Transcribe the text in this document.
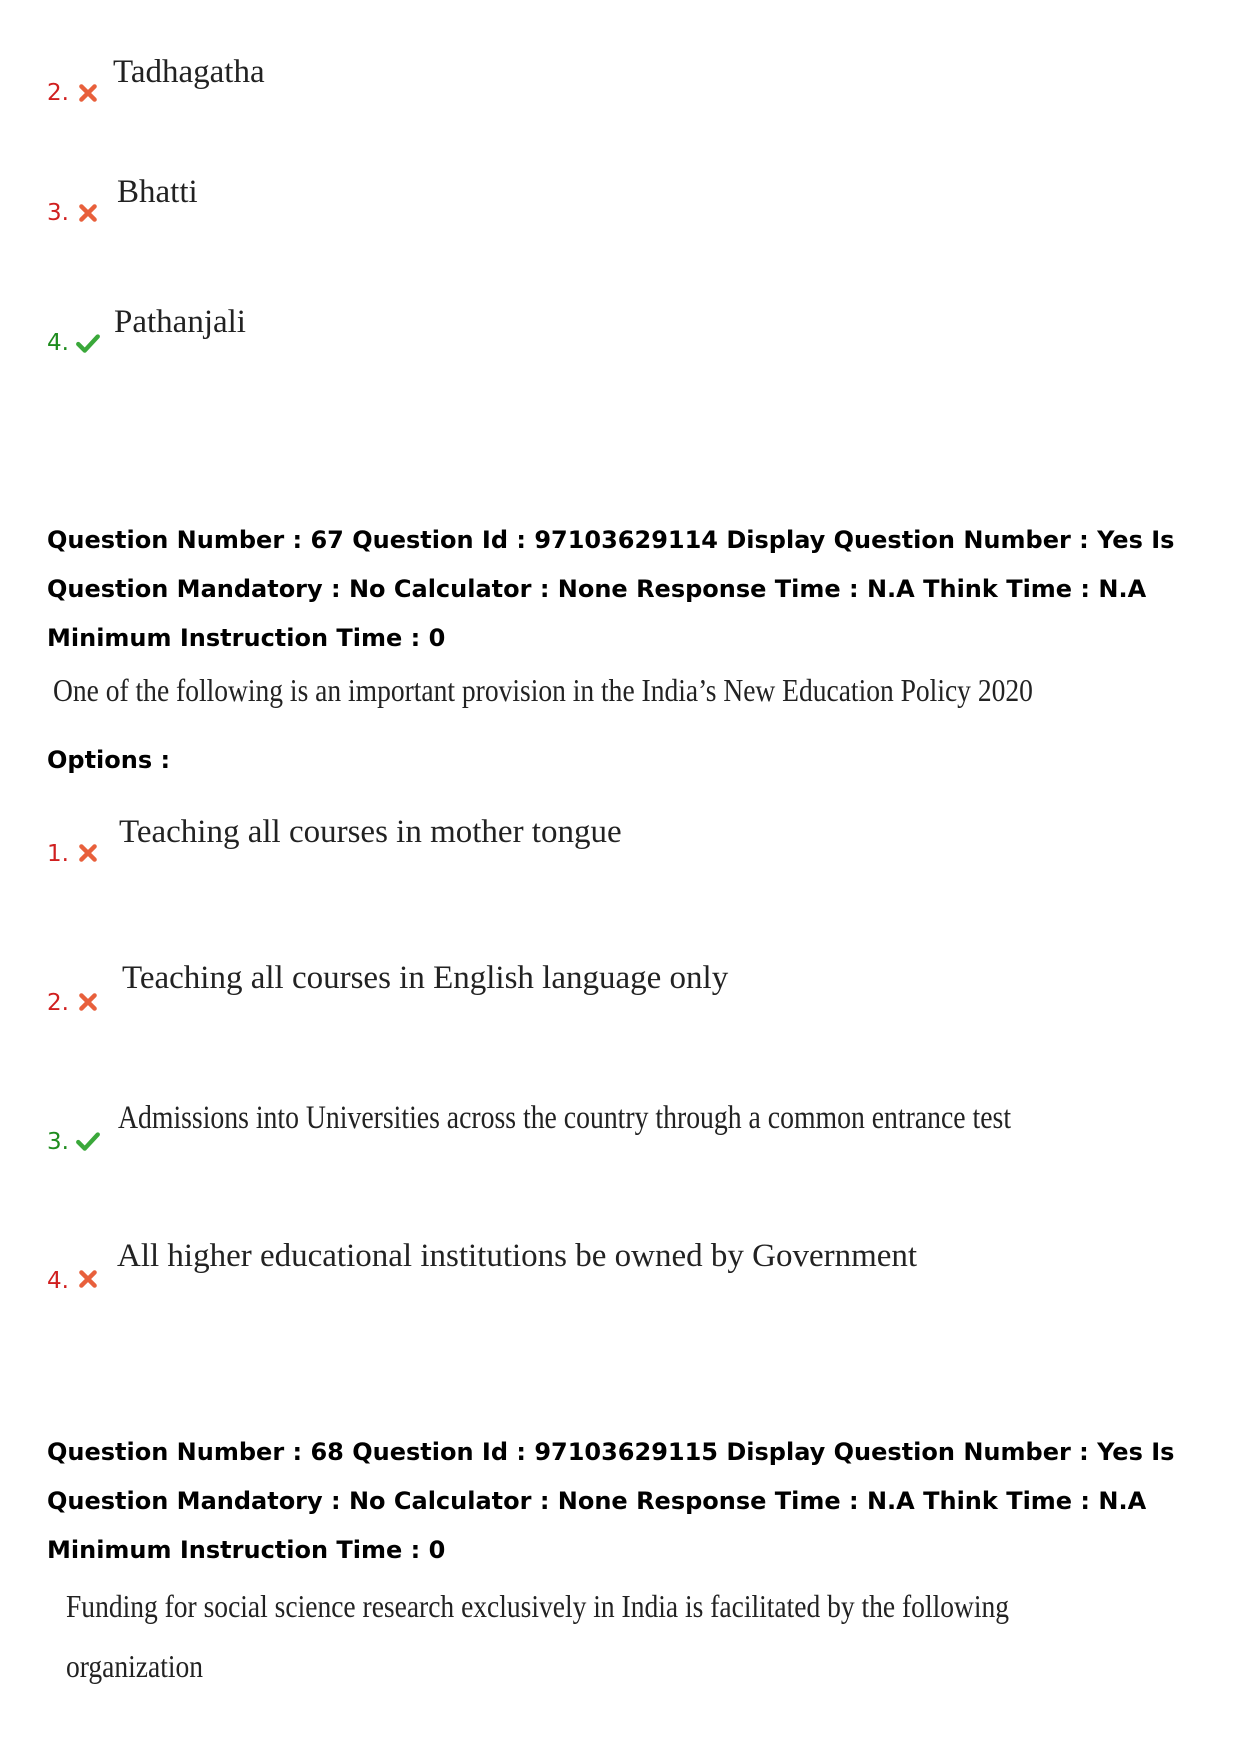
2.
Tadhagatha
3.
Bhatti
4.
Pathanjali
Question Number : 67 Question Id : 97103629114 Display Question Number : Yes Is Question Mandatory : No Calculator : None Response Time : N.A Think Time : N.A Minimum Instruction Time : 0
One of the following is an important provision in the India’s New Education Policy 2020
Options :
1.
Teaching all courses in mother tongue
2.
Teaching all courses in English language only
3.
Admissions into Universities across the country through a common entrance test
4.
All higher educational institutions be owned by Government
Question Number : 68 Question Id : 97103629115 Display Question Number : Yes Is Question Mandatory : No Calculator : None Response Time : N.A Think Time : N.A Minimum Instruction Time : 0
Funding for social science research exclusively in India is facilitated by the following
organization
